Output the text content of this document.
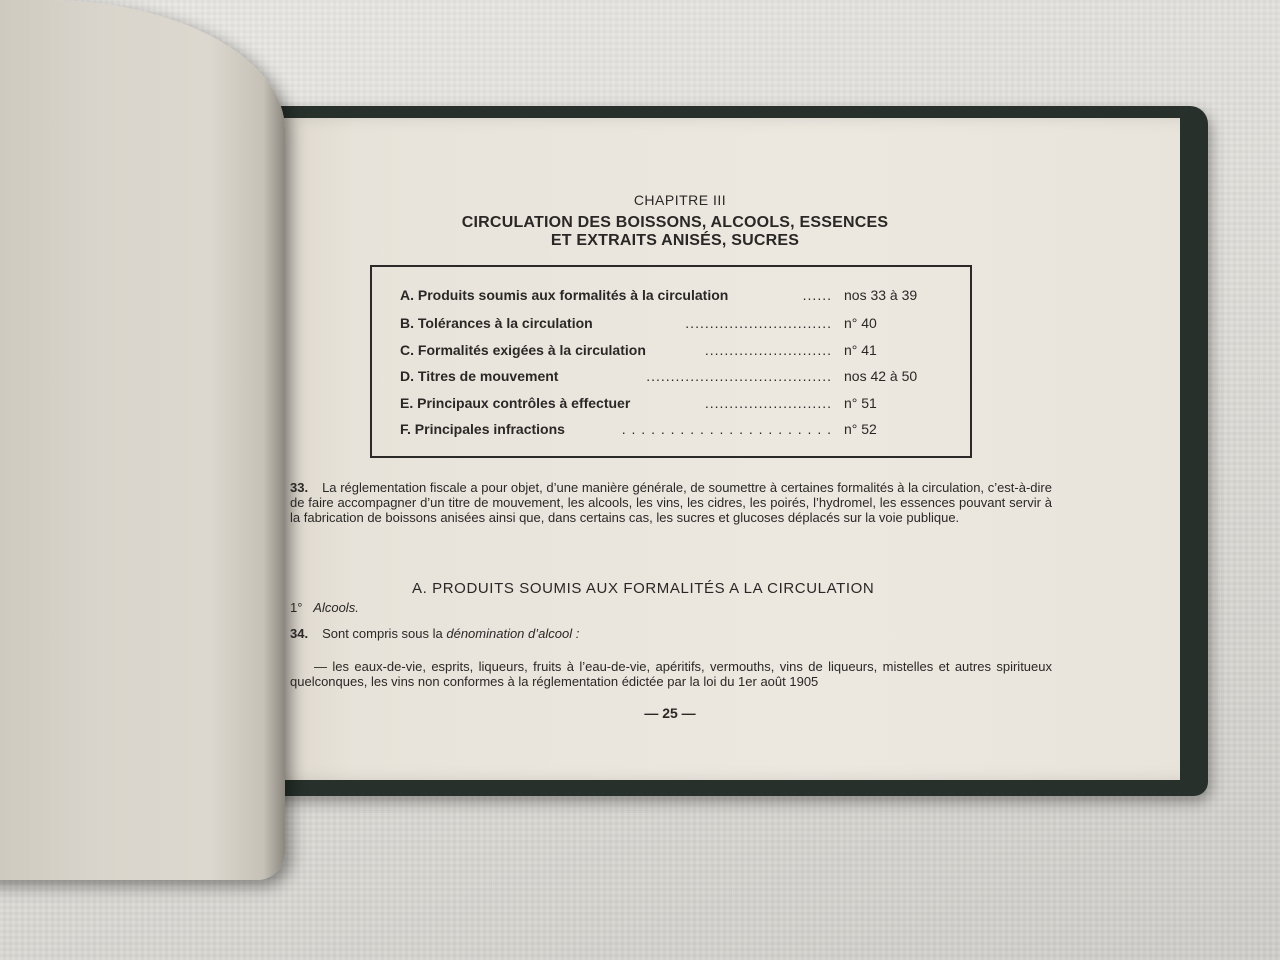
CHAPITRE III
CIRCULATION DES BOISSONS, ALCOOLS, ESSENCES
ET EXTRAITS ANISÉS, SUCRES
A. Produits soumis aux formalités à la circulation	...... nos 33 à 39
B. Tolérances à la circulation	.............................. n° 40
C. Formalités exigées à la circulation	.......................... n° 41
D. Titres de mouvement	...................................... nos 42 à 50
E. Principaux contrôles à effectuer	.......................... n° 51
F. Principales infractions	. . . . . . . . . . . . . . . . . . . . . . n° 52
33. La réglementation fiscale a pour objet, d’une manière générale, de soumettre à certaines formalités à la circulation, c’est-à-dire de faire accompagner d’un titre de mouvement, les alcools, les vins, les cidres, les poirés, l’hydromel, les essences pouvant servir à la fabrication de boissons anisées ainsi que, dans certains cas, les sucres et glucoses déplacés sur la voie publique.
A. PRODUITS SOUMIS AUX FORMALITÉS A LA CIRCULATION
1° Alcools.
34. Sont compris sous la dénomination d’alcool :
— les eaux-de-vie, esprits, liqueurs, fruits à l’eau-de-vie, apéritifs, vermouths, vins de liqueurs, mistelles et autres spiritueux quelconques, les vins non conformes à la réglementation édictée par la loi du 1er août 1905
— 25 —
